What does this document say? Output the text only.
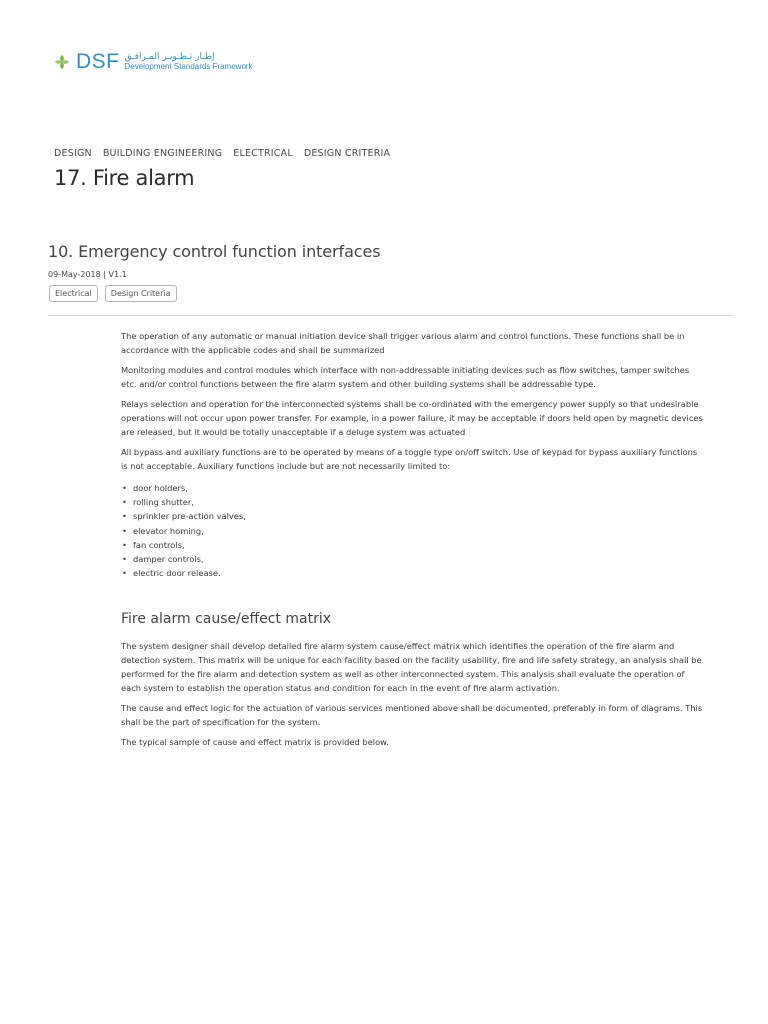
DSF إطـار تـطـويـر المـرافـق
Development Standards Framework
DESIGN BUILDING ENGINEERING ELECTRICAL DESIGN CRITERIA
17. Fire alarm
10. Emergency control function interfaces
09-May-2018 | V1.1
Electrical	Design Criteria

The operation of any automatic or manual initiation device shall trigger various alarm and control functions. These functions shall be in accordance with the applicable codes and shall be summarized

Monitoring modules and control modules which interface with non-addressable initiating devices such as flow switches, tamper switches etc. and/or control functions between the fire alarm system and other building systems shall be addressable type.

Relays selection and operation for the interconnected systems shall be co-ordinated with the emergency power supply so that undesirable operations will not occur upon power transfer. For example, in a power failure, it may be acceptable if doors held open by magnetic devices are released, but it would be totally unacceptable if a deluge system was actuated

All bypass and auxiliary functions are to be operated by means of a toggle type on/off switch. Use of keypad for bypass auxiliary functions is not acceptable. Auxiliary functions include but are not necessarily limited to:

• door holders,
• rolling shutter,
• sprinkler pre-action valves,
• elevator homing,
• fan controls,
• damper controls,
• electric door release.
Fire alarm cause/effect matrix

The system designer shall develop detailed fire alarm system cause/effect matrix which identifies the operation of the fire alarm and detection system. This matrix will be unique for each facility based on the facility usability, fire and life safety strategy, an analysis shall be performed for the fire alarm and detection system as well as other interconnected system. This analysis shall evaluate the operation of each system to establish the operation status and condition for each in the event of fire alarm activation.

The cause and effect logic for the actuation of various services mentioned above shall be documented, preferably in form of diagrams. This shall be the part of specification for the system.

The typical sample of cause and effect matrix is provided below.
